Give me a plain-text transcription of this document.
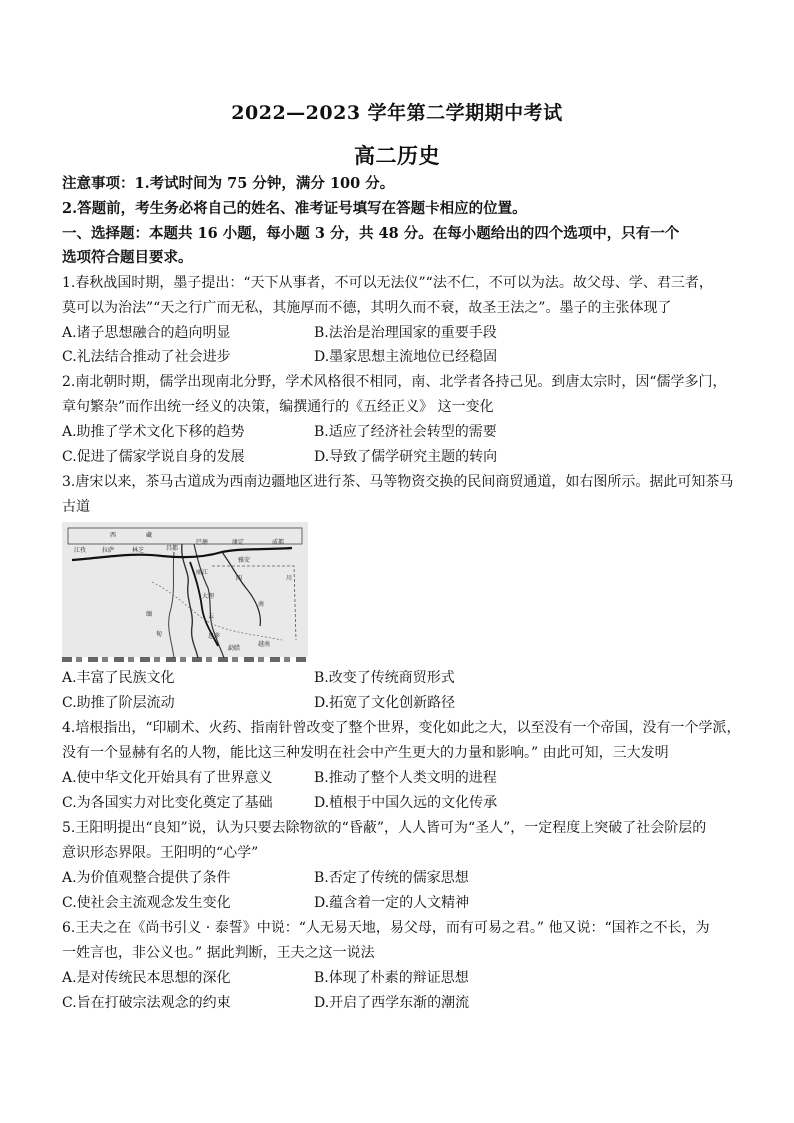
2022—2023 学年第二学期期中考试
高二历史
注意事项：1.考试时间为 75 分钟，满分 100 分。
2.答题前，考生务必将自己的姓名、准考证号填写在答题卡相应的位置。
一、选择题：本题共 16 小题，每小题 3 分，共 48 分。在每小题给出的四个选项中，只有一个
选项符合题目要求。
1.春秋战国时期，墨子提出：“天下从事者，不可以无法仪”“法不仁，不可以为法。故父母、学、君三者，
莫可以为治法”“天之行广而无私，其施厚而不德，其明久而不衰，故圣王法之”。墨子的主张体现了
A.诸子思想融合的趋向明显	B.法治是治理国家的重要手段
C.礼法结合推动了社会进步	D.墨家思想主流地位已经稳固
2.南北朝时期，儒学出现南北分野，学术风格很不相同，南、北学者各持己见。到唐太宗时，因“儒学多门，
章句繁杂”而作出统一经义的决策，编撰通行的《五经正义》 这一变化
A.助推了学术文化下移的趋势	B.适应了经济社会转型的需要
C.促进了儒家学说自身的发展	D.导致了儒学研究主题的转向
3.唐宋以来，茶马古道成为西南边疆地区进行茶、马等物资交换的民间商贸通道，如右图所示。据此可知茶马
古道
西	藏
江孜	拉萨	林芝	昌都
巴塘	康定	成都
雅安
大理
丽江
云
南
川
四
缅
甸
越南
思茅
勐腊
A.丰富了民族文化	B.改变了传统商贸形式
C.助推了阶层流动	D.拓宽了文化创新路径
4.培根指出，“印刷术、火药、指南针曾改变了整个世界，变化如此之大，以至没有一个帝国，没有一个学派，
没有一个显赫有名的人物，能比这三种发明在社会中产生更大的力量和影响。” 由此可知，三大发明
A.使中华文化开始具有了世界意义	B.推动了整个人类文明的进程
C.为各国实力对比变化奠定了基础	D.植根于中国久远的文化传承
5.王阳明提出“良知”说，认为只要去除物欲的“昏蔽”，人人皆可为“圣人”，一定程度上突破了社会阶层的
意识形态界限。王阳明的“心学”
A.为价值观整合提供了条件	B.否定了传统的儒家思想
C.使社会主流观念发生变化	D.蕴含着一定的人文精神
6.王夫之在《尚书引义 · 泰誓》中说：“人无易天地，易父母，而有可易之君。” 他又说：“国祚之不长，为
一姓言也，非公义也。” 据此判断，王夫之这一说法
A.是对传统民本思想的深化	B.体现了朴素的辩证思想
C.旨在打破宗法观念的约束	D.开启了西学东渐的潮流
